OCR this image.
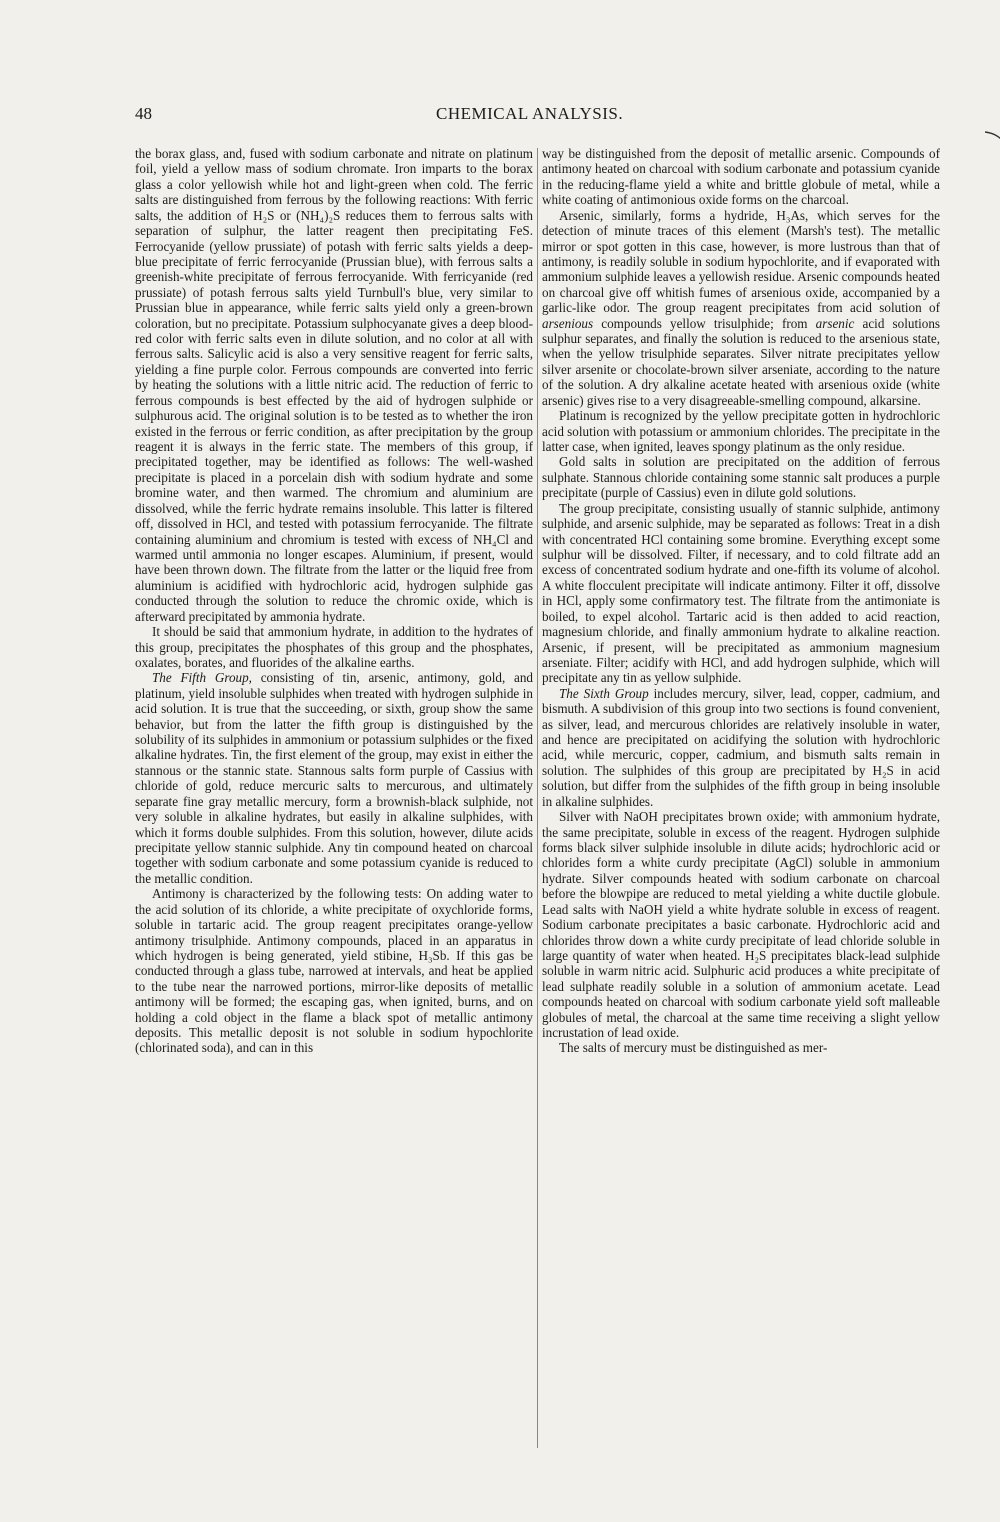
48	CHEMICAL ANALYSIS.

the borax glass, and, fused with sodium carbonate and nitrate on platinum foil, yield a yellow mass of sodium chromate. Iron imparts to the borax glass a color yellowish while hot and light-green when cold. The ferric salts are distinguished from ferrous by the following reactions: With ferric salts, the addition of H₂S or (NH₄)₂S reduces them to ferrous salts with separation of sulphur, the latter reagent then precipitating FeS. Ferrocyanide (yellow prussiate) of potash with ferric salts yields a deep-blue precipitate of ferric ferrocyanide (Prussian blue), with ferrous salts a greenish-white precipitate of ferrous ferrocyanide. With ferricyanide (red prussiate) of potash ferrous salts yield Turnbull's blue, very similar to Prussian blue in appearance, while ferric salts yield only a green-brown coloration, but no precipitate. Potassium sulphocyanate gives a deep blood-red color with ferric salts even in dilute solution, and no color at all with ferrous salts. Salicylic acid is also a very sensitive reagent for ferric salts, yielding a fine purple color. Ferrous compounds are converted into ferric by heating the solutions with a little nitric acid. The reduction of ferric to ferrous compounds is best effected by the aid of hydrogen sulphide or sulphurous acid. The original solution is to be tested as to whether the iron existed in the ferrous or ferric condition, as after precipitation by the group reagent it is always in the ferric state. The members of this group, if precipitated together, may be identified as follows: The well-washed precipitate is placed in a porcelain dish with sodium hydrate and some bromine water, and then warmed. The chromium and aluminium are dissolved, while the ferric hydrate remains insoluble. This latter is filtered off, dissolved in HCl, and tested with potassium ferrocyanide. The filtrate containing aluminium and chromium is tested with excess of NH₄Cl and warmed until ammonia no longer escapes. Aluminium, if present, would have been thrown down. The filtrate from the latter or the liquid free from aluminium is acidified with hydrochloric acid, hydrogen sulphide gas conducted through the solution to reduce the chromic oxide, which is afterward precipitated by ammonia hydrate.

It should be said that ammonium hydrate, in addition to the hydrates of this group, precipitates the phosphates of this group and the phosphates, oxalates, borates, and fluorides of the alkaline earths.

The Fifth Group, consisting of tin, arsenic, antimony, gold, and platinum, yield insoluble sulphides when treated with hydrogen sulphide in acid solution. It is true that the succeeding, or sixth, group show the same behavior, but from the latter the fifth group is distinguished by the solubility of its sulphides in ammonium or potassium sulphides or the fixed alkaline hydrates. Tin, the first element of the group, may exist in either the stannous or the stannic state. Stannous salts form purple of Cassius with chloride of gold, reduce mercuric salts to mercurous, and ultimately separate fine gray metallic mercury, form a brownish-black sulphide, not very soluble in alkaline hydrates, but easily in alkaline sulphides, with which it forms double sulphides. From this solution, however, dilute acids precipitate yellow stannic sulphide. Any tin compound heated on charcoal together with sodium carbonate and some potassium cyanide is reduced to the metallic condition.

Antimony is characterized by the following tests: On adding water to the acid solution of its chloride, a white precipitate of oxychloride forms, soluble in tartaric acid. The group reagent precipitates orange-yellow antimony trisulphide. Antimony compounds, placed in an apparatus in which hydrogen is being generated, yield stibine, H₃Sb. If this gas be conducted through a glass tube, narrowed at intervals, and heat be applied to the tube near the narrowed portions, mirror-like deposits of metallic antimony will be formed; the escaping gas, when ignited, burns, and on holding a cold object in the flame a black spot of metallic antimony deposits. This metallic deposit is not soluble in sodium hypochlorite (chlorinated soda), and can in this

way be distinguished from the deposit of metallic arsenic. Compounds of antimony heated on charcoal with sodium carbonate and potassium cyanide in the reducing-flame yield a white and brittle globule of metal, while a white coating of antimonious oxide forms on the charcoal.

Arsenic, similarly, forms a hydride, H₃As, which serves for the detection of minute traces of this element (Marsh's test). The metallic mirror or spot gotten in this case, however, is more lustrous than that of antimony, is readily soluble in sodium hypochlorite, and if evaporated with ammonium sulphide leaves a yellowish residue. Arsenic compounds heated on charcoal give off whitish fumes of arsenious oxide, accompanied by a garlic-like odor. The group reagent precipitates from acid solution of arsenious compounds yellow trisulphide; from arsenic acid solutions sulphur separates, and finally the solution is reduced to the arsenious state, when the yellow trisulphide separates. Silver nitrate precipitates yellow silver arsenite or chocolate-brown silver arseniate, according to the nature of the solution. A dry alkaline acetate heated with arsenious oxide (white arsenic) gives rise to a very disagreeable-smelling compound, alkarsine.

Platinum is recognized by the yellow precipitate gotten in hydrochloric acid solution with potassium or ammonium chlorides. The precipitate in the latter case, when ignited, leaves spongy platinum as the only residue.

Gold salts in solution are precipitated on the addition of ferrous sulphate. Stannous chloride containing some stannic salt produces a purple precipitate (purple of Cassius) even in dilute gold solutions.

The group precipitate, consisting usually of stannic sulphide, antimony sulphide, and arsenic sulphide, may be separated as follows: Treat in a dish with concentrated HCl containing some bromine. Everything except some sulphur will be dissolved. Filter, if necessary, and to cold filtrate add an excess of concentrated sodium hydrate and one-fifth its volume of alcohol. A white flocculent precipitate will indicate antimony. Filter it off, dissolve in HCl, apply some confirmatory test. The filtrate from the antimoniate is boiled, to expel alcohol. Tartaric acid is then added to acid reaction, magnesium chloride, and finally ammonium hydrate to alkaline reaction. Arsenic, if present, will be precipitated as ammonium magnesium arseniate. Filter; acidify with HCl, and add hydrogen sulphide, which will precipitate any tin as yellow sulphide.

The Sixth Group includes mercury, silver, lead, copper, cadmium, and bismuth. A subdivision of this group into two sections is found convenient, as silver, lead, and mercurous chlorides are relatively insoluble in water, and hence are precipitated on acidifying the solution with hydrochloric acid, while mercuric, copper, cadmium, and bismuth salts remain in solution. The sulphides of this group are precipitated by H₂S in acid solution, but differ from the sulphides of the fifth group in being insoluble in alkaline sulphides.

Silver with NaOH precipitates brown oxide; with ammonium hydrate, the same precipitate, soluble in excess of the reagent. Hydrogen sulphide forms black silver sulphide insoluble in dilute acids; hydrochloric acid or chlorides form a white curdy precipitate (AgCl) soluble in ammonium hydrate. Silver compounds heated with sodium carbonate on charcoal before the blowpipe are reduced to metal yielding a white ductile globule. Lead salts with NaOH yield a white hydrate soluble in excess of reagent. Sodium carbonate precipitates a basic carbonate. Hydrochloric acid and chlorides throw down a white curdy precipitate of lead chloride soluble in large quantity of water when heated. H₂S precipitates black-lead sulphide soluble in warm nitric acid. Sulphuric acid produces a white precipitate of lead sulphate readily soluble in a solution of ammonium acetate. Lead compounds heated on charcoal with sodium carbonate yield soft malleable globules of metal, the charcoal at the same time receiving a slight yellow incrustation of lead oxide.

The salts of mercury must be distinguished as mer-
